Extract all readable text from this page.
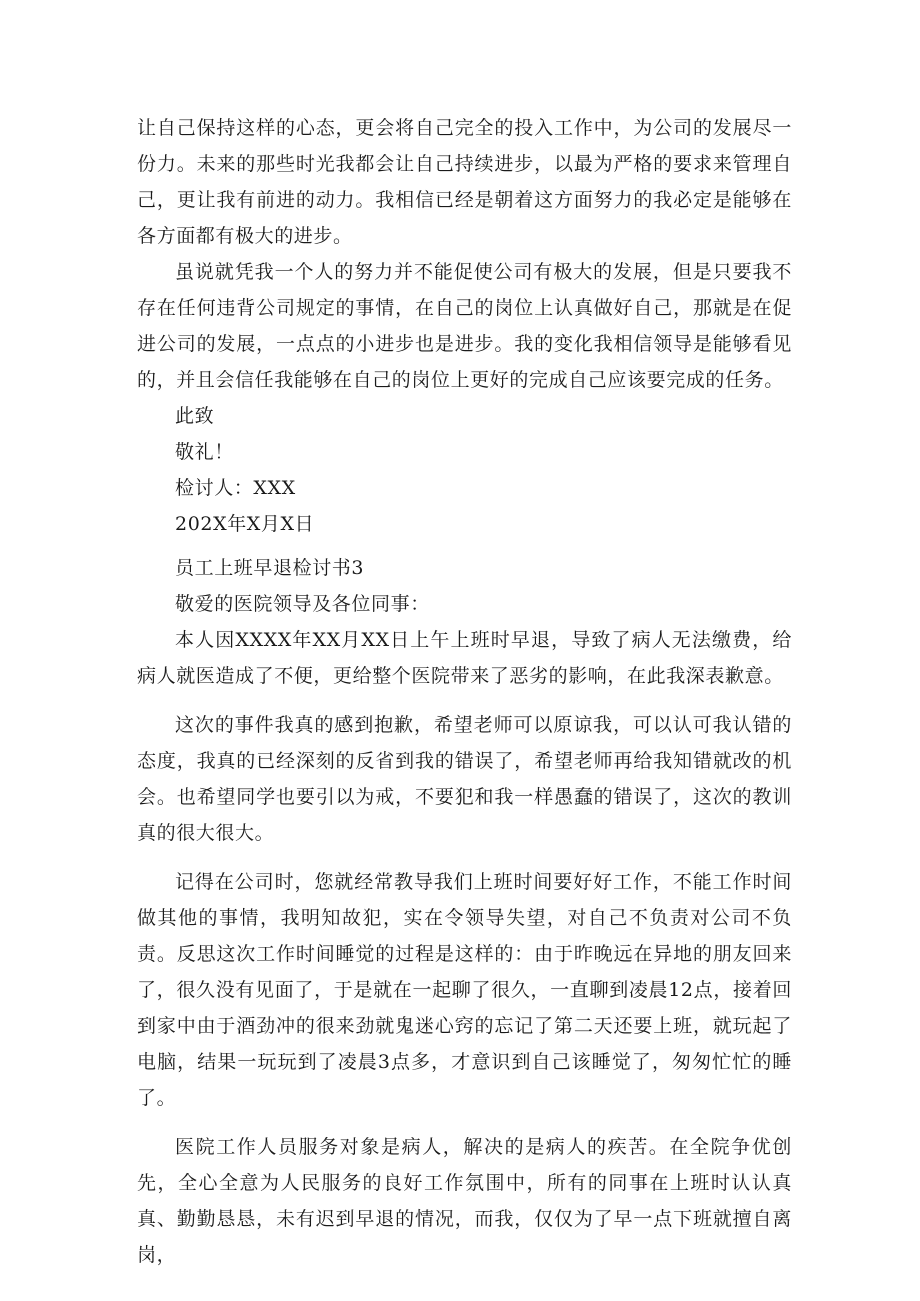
让自己保持这样的心态，更会将自己完全的投入工作中，为公司的发展尽一份力。未来的那些时光我都会让自己持续进步，以最为严格的要求来管理自己，更让我有前进的动力。我相信已经是朝着这方面努力的我必定是能够在各方面都有极大的进步。

虽说就凭我一个人的努力并不能促使公司有极大的发展，但是只要我不存在任何违背公司规定的事情，在自己的岗位上认真做好自己，那就是在促进公司的发展，一点点的小进步也是进步。我的变化我相信领导是能够看见的，并且会信任我能够在自己的岗位上更好的完成自己应该要完成的任务。

此致

敬礼！

检讨人：XXX

202X年X月X日

员工上班早退检讨书3

敬爱的医院领导及各位同事：

本人因XXXX年XX月XX日上午上班时早退，导致了病人无法缴费，给病人就医造成了不便，更给整个医院带来了恶劣的影响，在此我深表歉意。

这次的事件我真的感到抱歉，希望老师可以原谅我，可以认可我认错的态度，我真的已经深刻的反省到我的错误了，希望老师再给我知错就改的机会。也希望同学也要引以为戒，不要犯和我一样愚蠢的错误了，这次的教训真的很大很大。

记得在公司时，您就经常教导我们上班时间要好好工作，不能工作时间做其他的事情，我明知故犯，实在令领导失望，对自己不负责对公司不负责。反思这次工作时间睡觉的过程是这样的：由于昨晚远在异地的朋友回来了，很久没有见面了，于是就在一起聊了很久，一直聊到凌晨12点，接着回到家中由于酒劲冲的很来劲就鬼迷心窍的忘记了第二天还要上班，就玩起了电脑，结果一玩玩到了凌晨3点多，才意识到自己该睡觉了，匆匆忙忙的睡了。

医院工作人员服务对象是病人，解决的是病人的疾苦。在全院争优创先，全心全意为人民服务的良好工作氛围中，所有的同事在上班时认认真真、勤勤恳恳，未有迟到早退的情况，而我，仅仅为了早一点下班就擅自离岗，
